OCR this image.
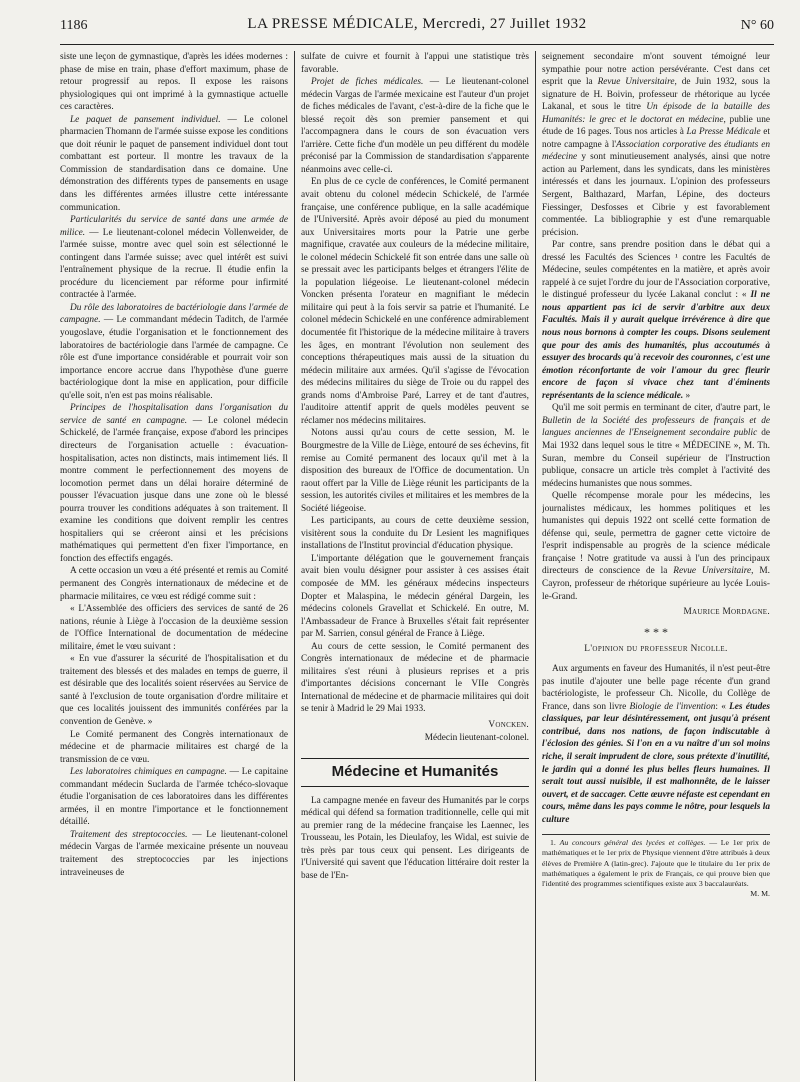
1186	LA PRESSE MÉDICALE, Mercredi, 27 Juillet 1932	N° 60

siste une leçon de gymnastique, d'après les idées modernes : phase de mise en train, phase d'effort maximum, phase de retour progressif au repos. Il expose les raisons physiologiques qui ont imprimé à la gymnastique actuelle ces caractères.

Le paquet de pansement individuel. — Le colonel pharmacien Thomann de l'armée suisse expose les conditions que doit réunir le paquet de pansement individuel dont tout combattant est porteur. Il montre les travaux de la Commission de standardisation dans ce domaine. Une démonstration des différents types de pansements en usage dans les différentes armées illustre cette intéressante communication.

Particularités du service de santé dans une armée de milice. — Le lieutenant-colonel médecin Vollenweider, de l'armée suisse, montre avec quel soin est sélectionné le contingent dans l'armée suisse; avec quel intérêt est suivi l'entraînement physique de la recrue. Il étudie enfin la procédure du licenciement par réforme pour infirmité contractée à l'armée.

Du rôle des laboratoires de bactériologie dans l'armée de campagne. — Le commandant médecin Taditch, de l'armée yougoslave, étudie l'organisation et le fonctionnement des laboratoires de bactériologie dans l'armée de campagne. Ce rôle est d'une importance considérable et pourrait voir son importance encore accrue dans l'hypothèse d'une guerre bactériologique dont la mise en application, pour difficile qu'elle soit, n'en est pas moins réalisable.

Principes de l'hospitalisation dans l'organisation du service de santé en campagne. — Le colonel médecin Schickelé, de l'armée française, expose d'abord les principes directeurs de l'organisation actuelle : évacuation-hospitalisation, actes non distincts, mais intimement liés. Il montre comment le perfectionnement des moyens de locomotion permet dans un délai horaire déterminé de pousser l'évacuation jusque dans une zone où le blessé pourra trouver les conditions adéquates à son traitement. Il examine les conditions que doivent remplir les centres hospitaliers qui se créeront ainsi et les précisions mathématiques qui permettent d'en fixer l'importance, en fonction des effectifs engagés.

A cette occasion un vœu a été présenté et remis au Comité permanent des Congrès internationaux de médecine et de pharmacie militaires, ce vœu est rédigé comme suit :

« L'Assemblée des officiers des services de santé de 26 nations, réunie à Liège à l'occasion de la deuxième session de l'Office International de documentation de médecine militaire, émet le vœu suivant :

« En vue d'assurer la sécurité de l'hospitalisation et du traitement des blessés et des malades en temps de guerre, il est désirable que des localités soient réservées au Service de santé à l'exclusion de toute organisation d'ordre militaire et que ces localités jouissent des immunités conférées par la convention de Genève. »

Le Comité permanent des Congrès internationaux de médecine et de pharmacie militaires est chargé de la transmission de ce vœu.

Les laboratoires chimiques en campagne. — Le capitaine commandant médecin Suclarda de l'armée tchéco-slovaque étudie l'organisation de ces laboratoires dans les différentes armées, il en montre l'importance et le fonctionnement détaillé.

Traitement des streptococcies. — Le lieutenant-colonel médecin Vargas de l'armée mexicaine présente un nouveau traitement des streptococcies par les injections intraveineuses de

sulfate de cuivre et fournit à l'appui une statistique très favorable.

Projet de fiches médicales. — Le lieutenant-colonel médecin Vargas de l'armée mexicaine est l'auteur d'un projet de fiches médicales de l'avant, c'est-à-dire de la fiche que le blessé reçoit dès son premier pansement et qui l'accompagnera dans le cours de son évacuation vers l'arrière. Cette fiche d'un modèle un peu différent du modèle préconisé par la Commission de standardisation s'apparente néanmoins avec celle-ci.

En plus de ce cycle de conférences, le Comité permanent avait obtenu du colonel médecin Schickelé, de l'armée française, une conférence publique, en la salle académique de l'Université. Après avoir déposé au pied du monument aux Universitaires morts pour la Patrie une gerbe magnifique, cravatée aux couleurs de la médecine militaire, le colonel médecin Schickelé fit son entrée dans une salle où se pressait avec les participants belges et étrangers l'élite de la population liégeoise. Le lieutenant-colonel médecin Voncken présenta l'orateur en magnifiant le médecin militaire qui peut à la fois servir sa patrie et l'humanité. Le colonel médecin Schickelé en une conférence admirablement documentée fit l'historique de la médecine militaire à travers les âges, en montrant l'évolution non seulement des conceptions thérapeutiques mais aussi de la situation du médecin militaire aux armées. Qu'il s'agisse de l'évocation des médecins militaires du siège de Troie ou du rappel des grands noms d'Ambroise Paré, Larrey et de tant d'autres, l'auditoire attentif apprit de quels modèles peuvent se réclamer nos médecins militaires.

Notons aussi qu'au cours de cette session, M. le Bourgmestre de la Ville de Liège, entouré de ses échevins, fit remise au Comité permanent des locaux qu'il met à la disposition des bureaux de l'Office de documentation. Un raout offert par la Ville de Liège réunit les participants de la session, les autorités civiles et militaires et les membres de la Société liégeoise.

Les participants, au cours de cette deuxième session, visitèrent sous la conduite du Dr Lesient les magnifiques installations de l'Institut provincial d'éducation physique.

L'importante délégation que le gouvernement français avait bien voulu désigner pour assister à ces assises était composée de MM. les généraux médecins inspecteurs Dopter et Malaspina, le médecin général Dargein, les médecins colonels Gravellat et Schickelé. En outre, M. l'Ambassadeur de France à Bruxelles s'était fait représenter par M. Sarrien, consul général de France à Liège.

Au cours de cette session, le Comité permanent des Congrès internationaux de médecine et de pharmacie militaires s'est réuni à plusieurs reprises et a pris d'importantes décisions concernant le VIIe Congrès International de médecine et de pharmacie militaires qui doit se tenir à Madrid le 29 Mai 1933.

Voncken.

Médecin lieutenant-colonel.

Médecine et Humanités

La campagne menée en faveur des Humanités par le corps médical qui défend sa formation traditionnelle, celle qui mit au premier rang de la médecine française les Laennec, les Trousseau, les Potain, les Dieulafoy, les Widal, est suivie de très près par tous ceux qui pensent. Les dirigeants de l'Université qui savent que l'éducation littéraire doit rester la base de l'En-

seignement secondaire m'ont souvent témoigné leur sympathie pour notre action persévérante. C'est dans cet esprit que la Revue Universitaire, de Juin 1932, sous la signature de H. Boivin, professeur de rhétorique au lycée Lakanal, et sous le titre Un épisode de la bataille des Humanités: le grec et le doctorat en médecine, publie une étude de 16 pages. Tous nos articles à La Presse Médicale et notre campagne à l'Association corporative des étudiants en médecine y sont minutieusement analysés, ainsi que notre action au Parlement, dans les syndicats, dans les ministères intéressés et dans les journaux. L'opinion des professeurs Sergent, Balthazard, Marfan, Lépine, des docteurs Fiessinger, Desfosses et Cibrie y est favorablement commentée. La bibliographie y est d'une remarquable précision.

Par contre, sans prendre position dans le débat qui a dressé les Facultés des Sciences ¹ contre les Facultés de Médecine, seules compétentes en la matière, et après avoir rappelé à ce sujet l'ordre du jour de l'Association corporative, le distingué professeur du lycée Lakanal conclut : « Il ne nous appartient pas ici de servir d'arbitre aux deux Facultés. Mais il y aurait quelque irrévérence à dire que nous nous bornons à compter les coups. Disons seulement que pour des amis des humanités, plus accoutumés à essuyer des brocards qu'à recevoir des couronnes, c'est une émotion réconfortante de voir l'amour du grec fleurir encore de façon si vivace chez tant d'éminents représentants de la science médicale. »

Qu'il me soit permis en terminant de citer, d'autre part, le Bulletin de la Société des professeurs de français et de langues anciennes de l'Enseignement secondaire public de Mai 1932 dans lequel sous le titre « MÉDECINE », M. Th. Suran, membre du Conseil supérieur de l'Instruction publique, consacre un article très complet à l'activité des médecins humanistes que nous sommes.

Quelle récompense morale pour les médecins, les journalistes médicaux, les hommes politiques et les humanistes qui depuis 1922 ont scellé cette formation de défense qui, seule, permettra de gagner cette victoire de l'esprit indispensable au progrès de la science médicale française ! Notre gratitude va aussi à l'un des principaux directeurs de conscience de la Revue Universitaire, M. Cayron, professeur de rhétorique supérieure au lycée Louis-le-Grand.

Maurice Mordagne.

* * *

L'opinion du professeur Nicolle.

Aux arguments en faveur des Humanités, il n'est peut-être pas inutile d'ajouter une belle page récente d'un grand bactériologiste, le professeur Ch. Nicolle, du Collège de France, dans son livre Biologie de l'invention: « Les études classiques, par leur désintéressement, ont jusqu'à présent contribué, dans nos nations, de façon indiscutable à l'éclosion des génies. Si l'on en a vu naître d'un sol moins riche, il serait imprudent de clore, sous prétexte d'inutilité, le jardin qui a donné les plus belles fleurs humaines. Il serait tout aussi nuisible, il est malhonnête, de le laisser ouvert, et de saccager. Cette œuvre néfaste est cependant en cours, même dans les pays comme le nôtre, pour lesquels la culture

1. Au concours général des lycées et collèges. — Le 1er prix de mathématiques et le 1er prix de Physique viennent d'être attribués à deux élèves de Première A (latin-grec). J'ajoute que le titulaire du 1er prix de mathématiques a également le prix de Français, ce qui prouve bien que l'identité des programmes scientifiques existe aux 3 baccalauréats.

M. M.
